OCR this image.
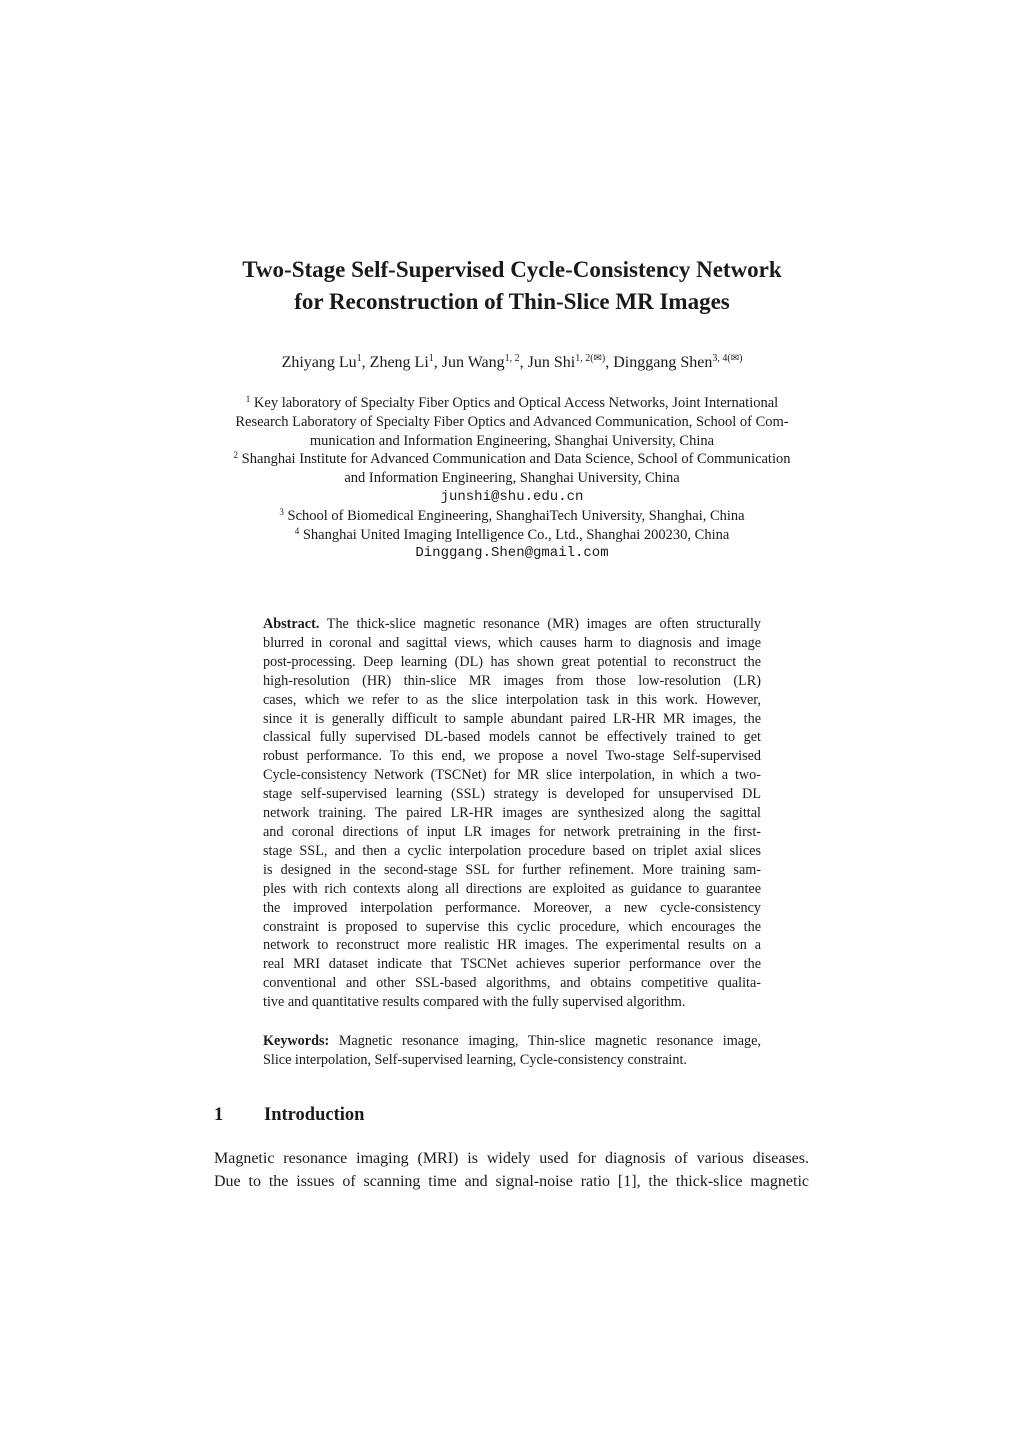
Two-Stage Self-Supervised Cycle-Consistency Network
for Reconstruction of Thin-Slice MR Images
Zhiyang Lu$^1$, Zheng Li$^1$, Jun Wang$^{1, 2}$, Jun Shi$^{1, 2(✉)}$, Dinggang Shen$^{3, 4(✉)}$
$^1$ Key laboratory of Specialty Fiber Optics and Optical Access Networks, Joint International
Research Laboratory of Specialty Fiber Optics and Advanced Communication, School of Com-
munication and Information Engineering, Shanghai University, China
$^2$ Shanghai Institute for Advanced Communication and Data Science, School of Communication
and Information Engineering, Shanghai University, China
junshi@shu.edu.cn
$^3$ School of Biomedical Engineering, ShanghaiTech University, Shanghai, China
$^4$ Shanghai United Imaging Intelligence Co., Ltd., Shanghai 200230, China
Dinggang.Shen@gmail.com
Abstract. The thick-slice magnetic resonance (MR) images are often structurally
blurred in coronal and sagittal views, which causes harm to diagnosis and image
post-processing. Deep learning (DL) has shown great potential to reconstruct the
high-resolution (HR) thin-slice MR images from those low-resolution (LR)
cases, which we refer to as the slice interpolation task in this work. However,
since it is generally difficult to sample abundant paired LR-HR MR images, the
classical fully supervised DL-based models cannot be effectively trained to get
robust performance. To this end, we propose a novel Two-stage Self-supervised
Cycle-consistency Network (TSCNet) for MR slice interpolation, in which a two-
stage self-supervised learning (SSL) strategy is developed for unsupervised DL
network training. The paired LR-HR images are synthesized along the sagittal
and coronal directions of input LR images for network pretraining in the first-
stage SSL, and then a cyclic interpolation procedure based on triplet axial slices
is designed in the second-stage SSL for further refinement. More training sam-
ples with rich contexts along all directions are exploited as guidance to guarantee
the improved interpolation performance. Moreover, a new cycle-consistency
constraint is proposed to supervise this cyclic procedure, which encourages the
network to reconstruct more realistic HR images. The experimental results on a
real MRI dataset indicate that TSCNet achieves superior performance over the
conventional and other SSL-based algorithms, and obtains competitive qualita-
tive and quantitative results compared with the fully supervised algorithm.
Keywords: Magnetic resonance imaging, Thin-slice magnetic resonance image,
Slice interpolation, Self-supervised learning, Cycle-consistency constraint.
1 Introduction
Magnetic resonance imaging (MRI) is widely used for diagnosis of various diseases.
Due to the issues of scanning time and signal-noise ratio [1], the thick-slice magnetic
